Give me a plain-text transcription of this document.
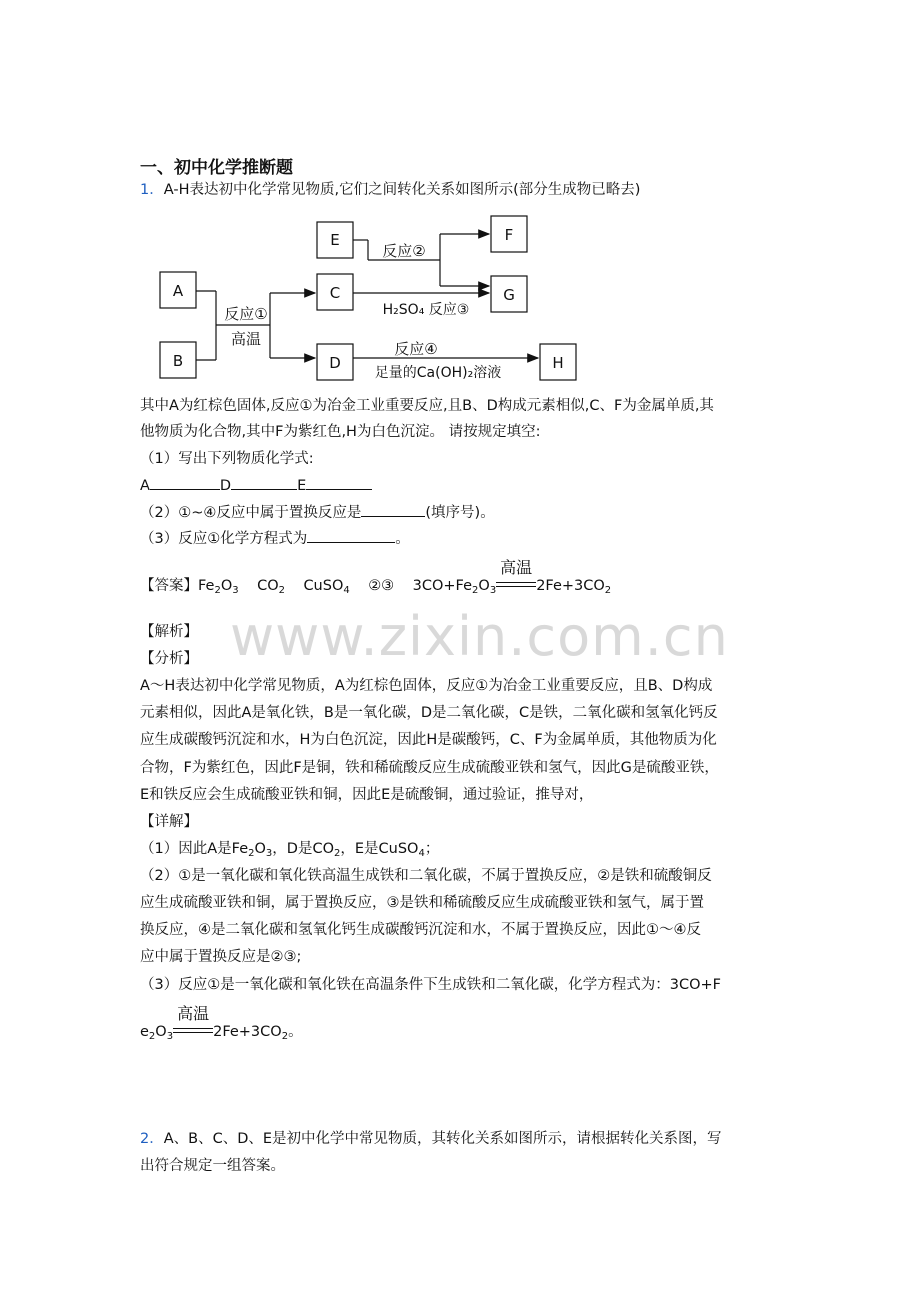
www.zixin.com.cn
一、初中化学推断题
1．A-H表达初中化学常见物质,它们之间转化关系如图所示(部分生成物已略去)
A
B
E
C
D
F
G
H
反应①
高温
反应②
H₂SO₄ 反应③
反应④
足量的Ca(OH)₂溶液
其中A为红棕色固体,反应①为冶金工业重要反应,且B、D构成元素相似,C、F为金属单质,其
他物质为化合物,其中F为紫红色,H为白色沉淀。 请按规定填空:
（1）写出下列物质化学式:
A	D	E
（2）①~④反应中属于置换反应是	(填序号)。
（3）反应①化学方程式为	。
【答案】$Fe_2O_3$ $CO_2$ CuSO$_4$ ②③ $3CO+Fe_2O_3$
高温
$2Fe+3CO_2$
【解析】
【分析】
A～H表达初中化学常见物质，A为红棕色固体，反应①为冶金工业重要反应，且B、D构成
元素相似，因此A是氧化铁，B是一氧化碳，D是二氧化碳，C是铁，二氧化碳和氢氧化钙反
应生成碳酸钙沉淀和水，H为白色沉淀，因此H是碳酸钙，C、F为金属单质，其他物质为化
合物，F为紫红色，因此F是铜，铁和稀硫酸反应生成硫酸亚铁和氢气，因此G是硫酸亚铁，
E和铁反应会生成硫酸亚铁和铜，因此E是硫酸铜，通过验证，推导对，
【详解】
（1）因此A是$Fe_2O_3$，D是$CO_2$，E是CuSO$_4$；
（2）①是一氧化碳和氧化铁高温生成铁和二氧化碳，不属于置换反应，②是铁和硫酸铜反
应生成硫酸亚铁和铜，属于置换反应，③是铁和稀硫酸反应生成硫酸亚铁和氢气，属于置
换反应，④是二氧化碳和氢氧化钙生成碳酸钙沉淀和水，不属于置换反应，因此①～④反
应中属于置换反应是②③;
（3）反应①是一氧化碳和氧化铁在高温条件下生成铁和二氧化碳，化学方程式为：3CO+F
$e_2O_3$
高温
$2Fe+3CO_2$。
2．A、B、C、D、E是初中化学中常见物质，其转化关系如图所示，请根据转化关系图，写
出符合规定一组答案。
